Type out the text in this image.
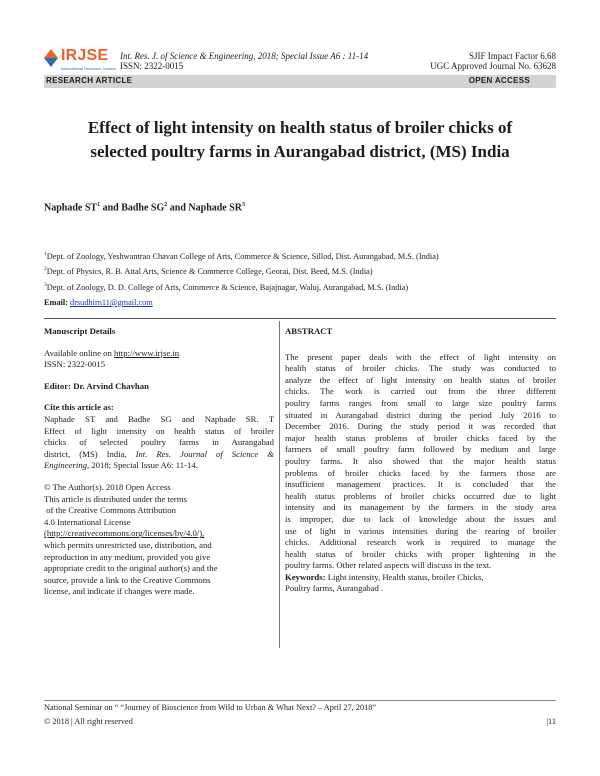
IRJSE
International Research Journal
Int. Res. J. of Science & Engineering, 2018; Special Issue A6 : 11-14
ISSN: 2322-0015
SJIF Impact Factor 6.68
UGC Approved Journal No. 63628
RESEARCH ARTICLE	OPEN ACCESS
Effect of light intensity on health status of broiler chicks of
selected poultry farms in Aurangabad district, (MS) India
Naphade $ST^1$ and Badhe $SG^2$ and Naphade $SR^3$
$^1$Dept. of Zoology, Yeshwantrao Chavan College of Arts, Commerce & Science, Sillod, Dist. Aurangabad, M.S. (India)
$^2$Dept. of Physics, R. B. Attal Arts, Science & Commerce College, Georai, Dist. Beed, M.S. (India)
$^3$Dept. of Zoology, D. D. College of Arts, Commerce & Science, Bajajnagar, Waluj, Aurangabad, M.S. (India)
Email: drsudhirn11@gmail.com
Manuscript Details
Available online on http://www.irjse.in
ISSN: 2322-0015
Editor: Dr. Arvind Chavhan
Cite this article as:
Naphade ST and Badhe SG and Naphade SR. T
Effect of light intensity on health status of broiler
chicks of selected poultry farms in Aurangabad
district, (MS) India, Int. Res. Journal of Science &
Engineering, 2018; Special Issue A6: 11-14.
© The Author(s). 2018 Open Access
This article is distributed under the terms
of the Creative Commons Attribution
4.0 International License
(http://creativecommons.org/licenses/by/4.0/),
which permits unrestricted use, distribution, and
reproduction in any medium, provided you give
appropriate credit to the original author(s) and the
source, provide a link to the Creative Commons
license, and indicate if changes were made.
ABSTRACT
The present paper deals with the effect of light intensity on
health status of broiler chicks. The study was conducted to
analyze the effect of light intensity on health status of broiler
chicks. The work is carried out from the three different
poultry farms ranges from small to large size poultry farms
situated in Aurangabad district during the period July 2016 to
December 2016. During the study period it was recorded that
major health status problems of broiler chicks faced by the
farmers of small poultry farm followed by medium and large
poultry farms. It also showed that the major health status
problems of broiler chicks faced by the farmers those are
insufficient management practices. It is concluded that the
health status problems of broiler chicks occurred due to light
intensity and its management by the farmers in the study area
is improper, due to lack of knowledge about the issues and
use of light in various intensities during the rearing of broiler
chicks. Additional research work is required to manage the
health status of broiler chicks with proper lightening in the
poultry farms. Other related aspects will discuss in the text.
Keywords: Light intensity, Health status, broiler Chicks,
Poultry farms, Aurangabad .
National Seminar on “ “Journey of Bioscience from Wild to Urban & What Next? – April 27, 2018”
© 2018 | All right reserved	|11
